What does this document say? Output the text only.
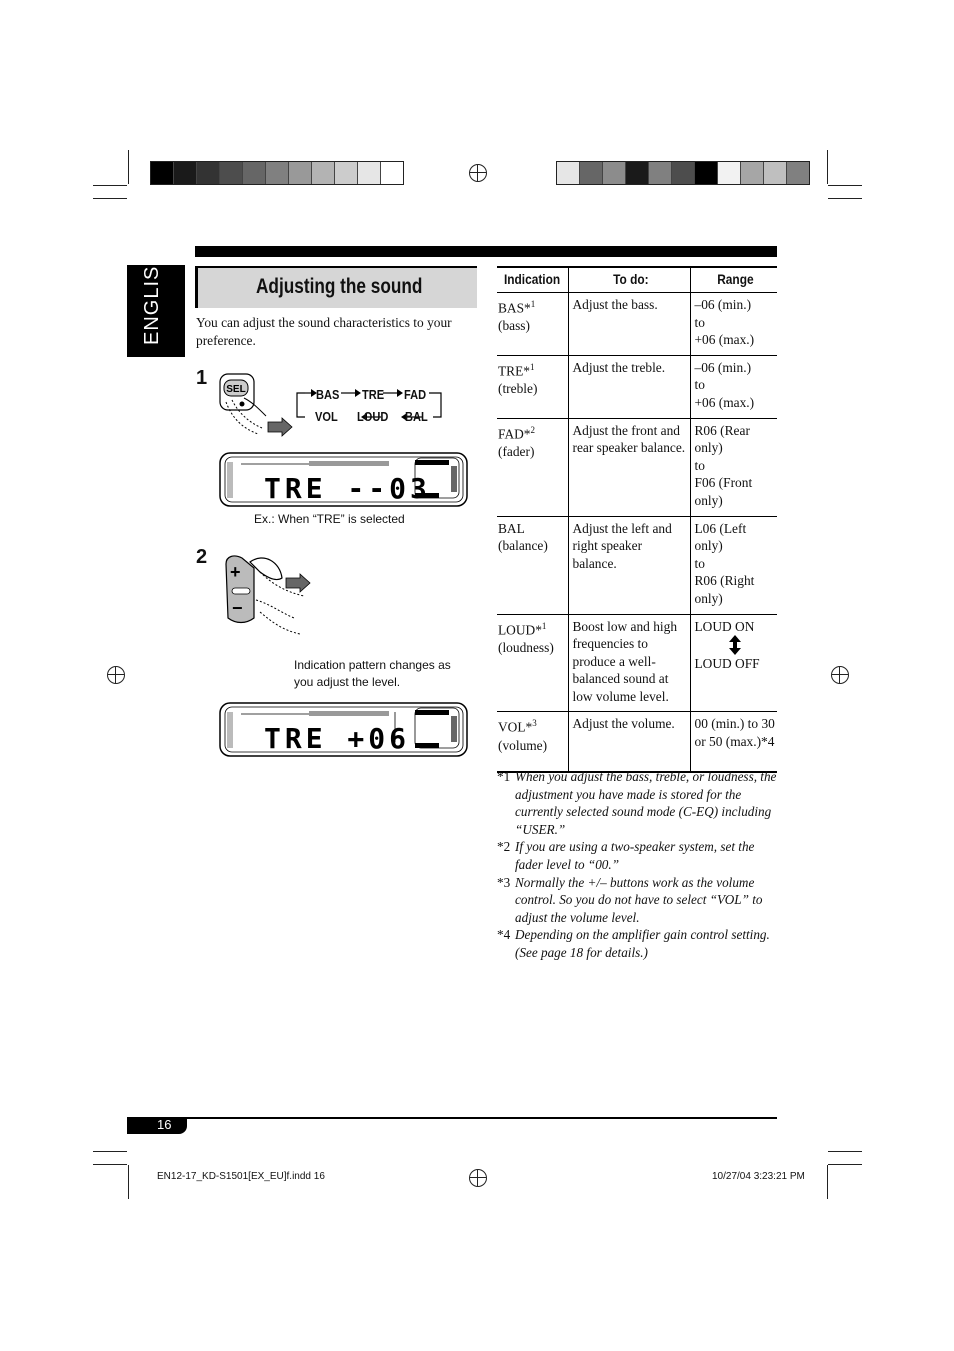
ENGLISH	Adjusting the sound
You can adjust the sound characteristics to your preference.
1
SEL	BAS TRE FAD
VOL LOUD BAL
TRE --03
Ex.: When “TRE” is selected
2
+
−
Indication pattern changes as you adjust the level.
TRE +06
Indication	To do:	Range
BAS*$^1$
(bass)	Adjust the bass.	–06 (min.)
to
+06 (max.)
TRE*$^1$
(treble)	Adjust the treble.	–06 (min.)
to
+06 (max.)
FAD*$^2$
(fader)	Adjust the front and rear speaker balance.	R06 (Rear only)
to
F06 (Front only)
BAL
(balance)	Adjust the left and right speaker balance.	L06 (Left only)
to
R06 (Right only)
LOUD*$^1$
(loudness)	Boost low and high frequencies to produce a well-balanced sound at low volume level.	LOUD ON

LOUD OFF
VOL*$^3$
(volume)	Adjust the volume.	00 (min.) to 30 or 50 (max.)*4
*1 When you adjust the bass, treble, or loudness, the adjustment you have made is stored for the currently selected sound mode (C-EQ) including “USER.”
*2 If you are using a two-speaker system, set the fader level to “00.”
*3 Normally the +/– buttons work as the volume control. So you do not have to select “VOL” to adjust the volume level.
*4 Depending on the amplifier gain control setting. (See page 18 for details.)
16
EN12-17_KD-S1501[EX_EU]f.indd 16	10/27/04 3:23:21 PM
